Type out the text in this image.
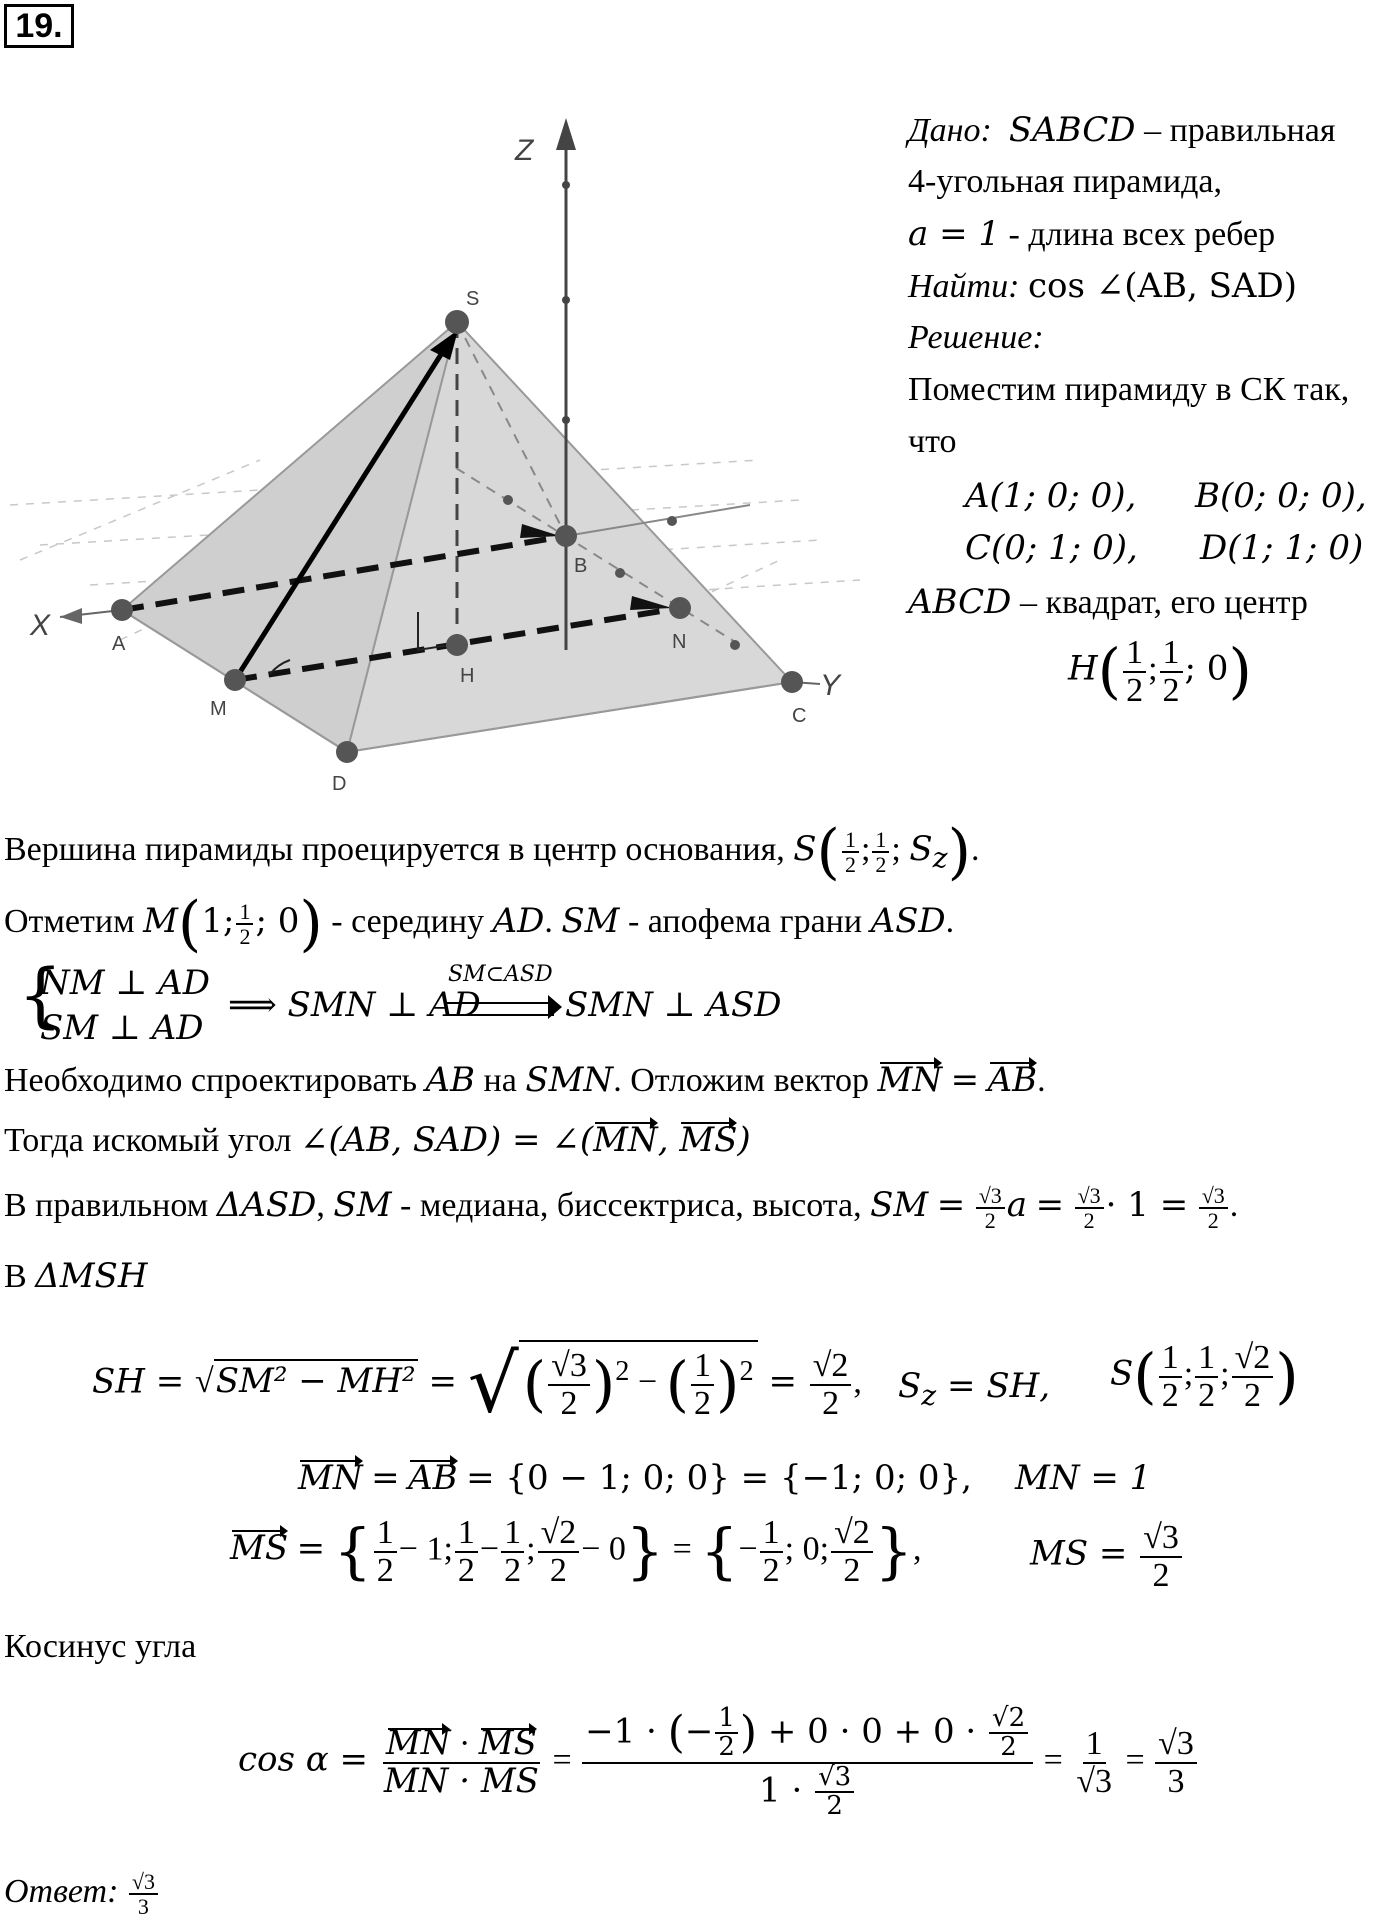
19.
Z
X
Y
S
A
B
C
D
H
M
N
Дано: SABCD – правильная
4-угольная пирамида,
a = 1 - длина всех ребер
Найти: cos ∠(AB, SAD)
Решение:
Поместим пирамиду в СК так,
что
A(1; 0; 0), B(0; 0; 0),
C(0; 1; 0), D(1; 1; 0)
ABCD – квадрат, его центр
$H( \frac{1}{2}$ ; $\frac{1}{2}$ ; 0)
Вершина пирамиды проецируется в центр основания, $S( \frac{1}{2}$ ; $\frac{1}{2}$ ; $S_z$).
Отметим M(1; $\frac{1}{2}$ ; 0) - середину AD. SM - апофема грани ASD.
{
NM ⊥ AD
SM ⊥ AD
⟹ SMN ⊥ AD
SM⊂ASD
SMN ⊥ ASD
Необходимо спроектировать AB на SMN. Отложим вектор MN = AB.
Тогда искомый угол ∠(AB, SAD) = ∠(MN, MS)
В правильном ΔASD, SM - медиана, биссектриса, высота, SM = $\frac{√3}{2}$ $a = \frac{√3}{2} \cdot 1 = \frac{√3}{2}$ .
В ΔMSH
SH = √SM² − MH² = √( $\frac{√3}{2} )^2$ − ( $\frac{1}{2} )^2 = \frac{√2}{2}$ , $S_z$ = SH, $S( \frac{1}{2}$ ; $\frac{1}{2}$ ; $\frac{√2}{2}$ )
MN = AB = {0 − 1; 0; 0} = {−1; 0; 0}, MN = 1
MS = { $\frac{1}{2} - 1$; $\frac{1}{2} - \frac{1}{2}$ ; $\frac{√2}{2} - 0$} = {− $\frac{1}{2}$ ; 0; $\frac{√2}{2}$ },	MS = $\frac{√3}{2}$
Косинус угла
$\cos \alpha = \frac{MN \cdot MS}{MN \cdot MS} = \frac{-1 \cdot (- \frac{1}{2} ) + 0 \cdot 0 + 0 \cdot \frac{√2}{2}}{1 \cdot \frac{√3}{2}} = \frac{1}{√3} = \frac{√3}{3}$
Ответ: $\frac{√3}{3}$
